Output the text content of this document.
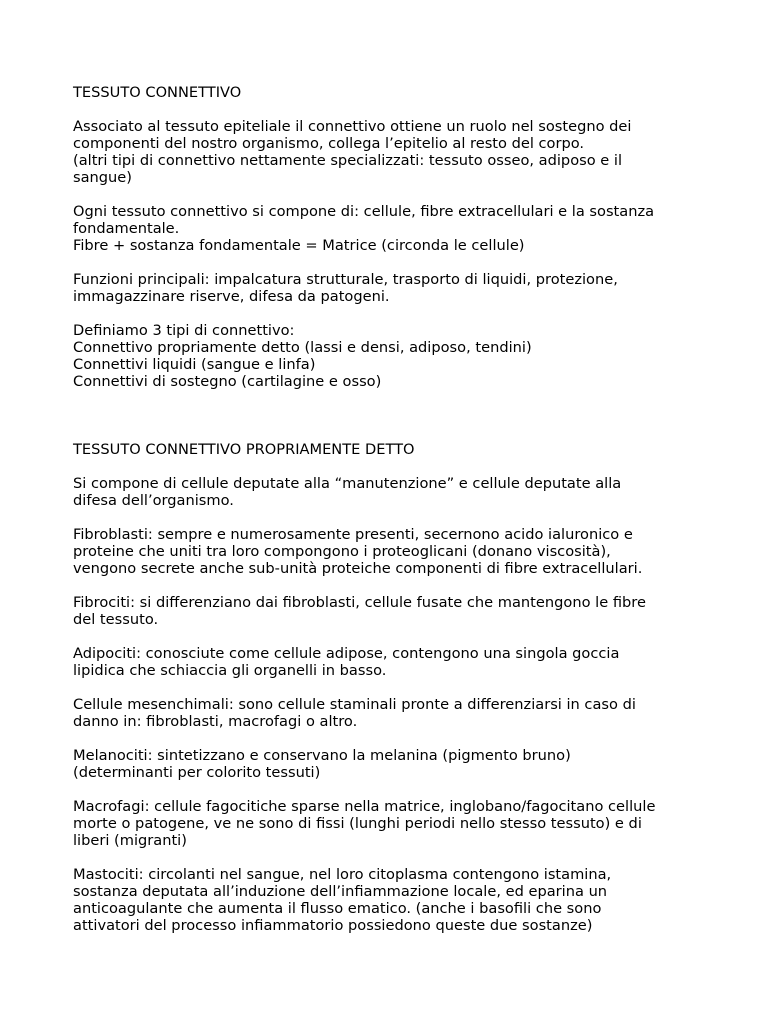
TESSUTO CONNETTIVO
Associato al tessuto epiteliale il connettivo ottiene un ruolo nel sostegno dei
componenti del nostro organismo, collega l’epitelio al resto del corpo.
(altri tipi di connettivo nettamente specializzati: tessuto osseo, adiposo e il
sangue)
Ogni tessuto connettivo si compone di: cellule, fibre extracellulari e la sostanza
fondamentale.
Fibre + sostanza fondamentale = Matrice (circonda le cellule)
Funzioni principali: impalcatura strutturale, trasporto di liquidi, protezione,
immagazzinare riserve, difesa da patogeni.
Definiamo 3 tipi di connettivo:
Connettivo propriamente detto (lassi e densi, adiposo, tendini)
Connettivi liquidi (sangue e linfa)
Connettivi di sostegno (cartilagine e osso)
TESSUTO CONNETTIVO PROPRIAMENTE DETTO
Si compone di cellule deputate alla “manutenzione” e cellule deputate alla
difesa dell’organismo.
Fibroblasti: sempre e numerosamente presenti, secernono acido ialuronico e
proteine che uniti tra loro compongono i proteoglicani (donano viscosità),
vengono secrete anche sub-unità proteiche componenti di fibre extracellulari.
Fibrociti: si differenziano dai fibroblasti, cellule fusate che mantengono le fibre
del tessuto.
Adipociti: conosciute come cellule adipose, contengono una singola goccia
lipidica che schiaccia gli organelli in basso.
Cellule mesenchimali: sono cellule staminali pronte a differenziarsi in caso di
danno in: fibroblasti, macrofagi o altro.
Melanociti: sintetizzano e conservano la melanina (pigmento bruno)
(determinanti per colorito tessuti)
Macrofagi: cellule fagocitiche sparse nella matrice, inglobano/fagocitano cellule
morte o patogene, ve ne sono di fissi (lunghi periodi nello stesso tessuto) e di
liberi (migranti)
Mastociti: circolanti nel sangue, nel loro citoplasma contengono istamina,
sostanza deputata all’induzione dell’infiammazione locale, ed eparina un
anticoagulante che aumenta il flusso ematico. (anche i basofili che sono
attivatori del processo infiammatorio possiedono queste due sostanze)
